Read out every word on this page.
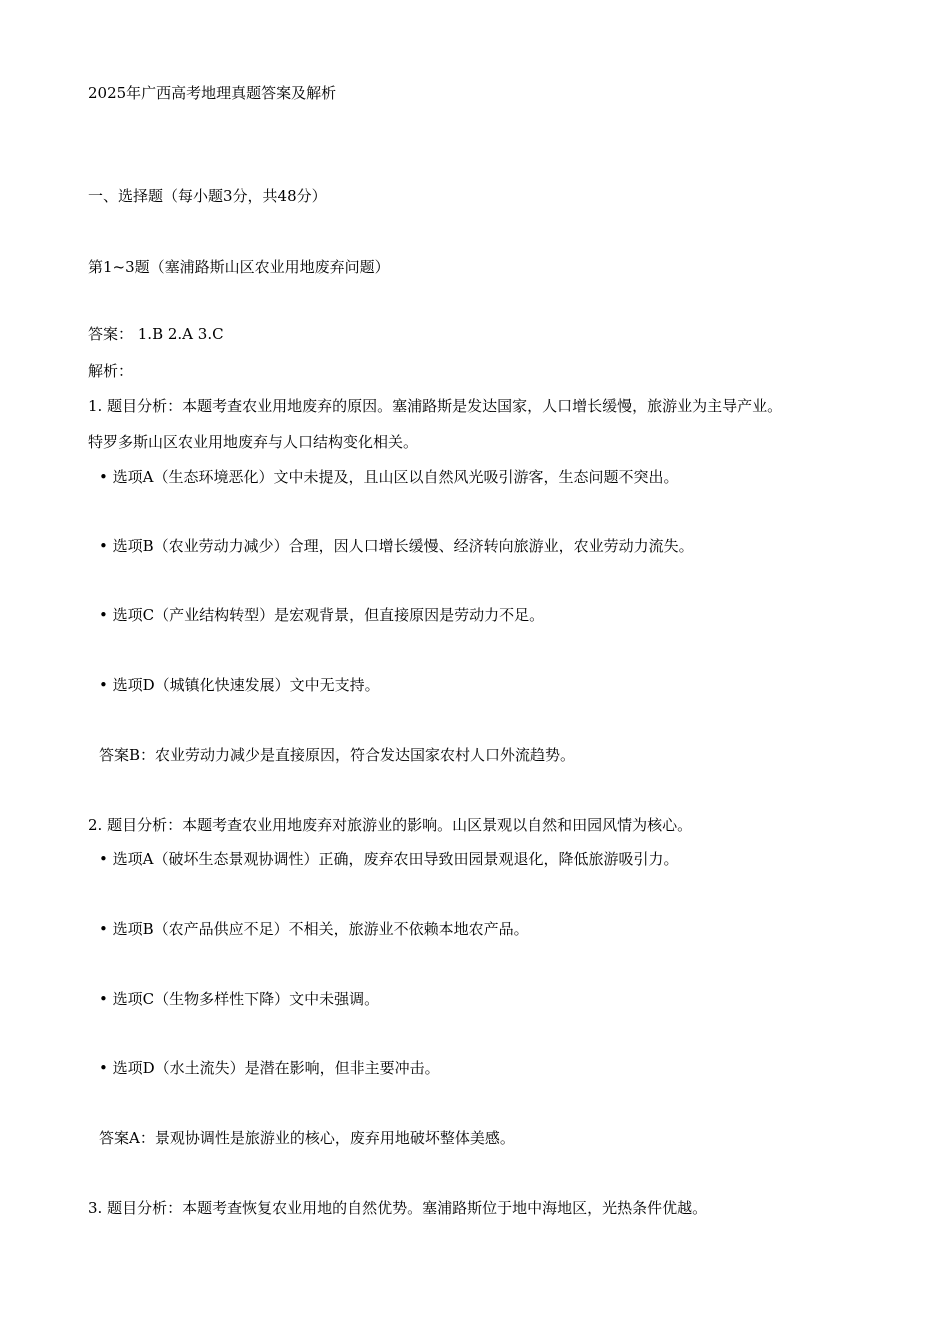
2025年广西高考地理真题答案及解析
一、选择题（每小题3分，共48分）
第1~3题（塞浦路斯山区农业用地废弃问题）
答案： 1.B 2.A 3.C
解析：
1. 题目分析：本题考查农业用地废弃的原因。塞浦路斯是发达国家，人口增长缓慢，旅游业为主导产业。
特罗多斯山区农业用地废弃与人口结构变化相关。
• 选项A（生态环境恶化）文中未提及，且山区以自然风光吸引游客，生态问题不突出。
• 选项B（农业劳动力减少）合理，因人口增长缓慢、经济转向旅游业，农业劳动力流失。
• 选项C（产业结构转型）是宏观背景，但直接原因是劳动力不足。
• 选项D（城镇化快速发展）文中无支持。
答案B：农业劳动力减少是直接原因，符合发达国家农村人口外流趋势。
2. 题目分析：本题考查农业用地废弃对旅游业的影响。山区景观以自然和田园风情为核心。
• 选项A（破坏生态景观协调性）正确，废弃农田导致田园景观退化，降低旅游吸引力。
• 选项B（农产品供应不足）不相关，旅游业不依赖本地农产品。
• 选项C（生物多样性下降）文中未强调。
• 选项D（水土流失）是潜在影响，但非主要冲击。
答案A：景观协调性是旅游业的核心，废弃用地破坏整体美感。
3. 题目分析：本题考查恢复农业用地的自然优势。塞浦路斯位于地中海地区，光热条件优越。
